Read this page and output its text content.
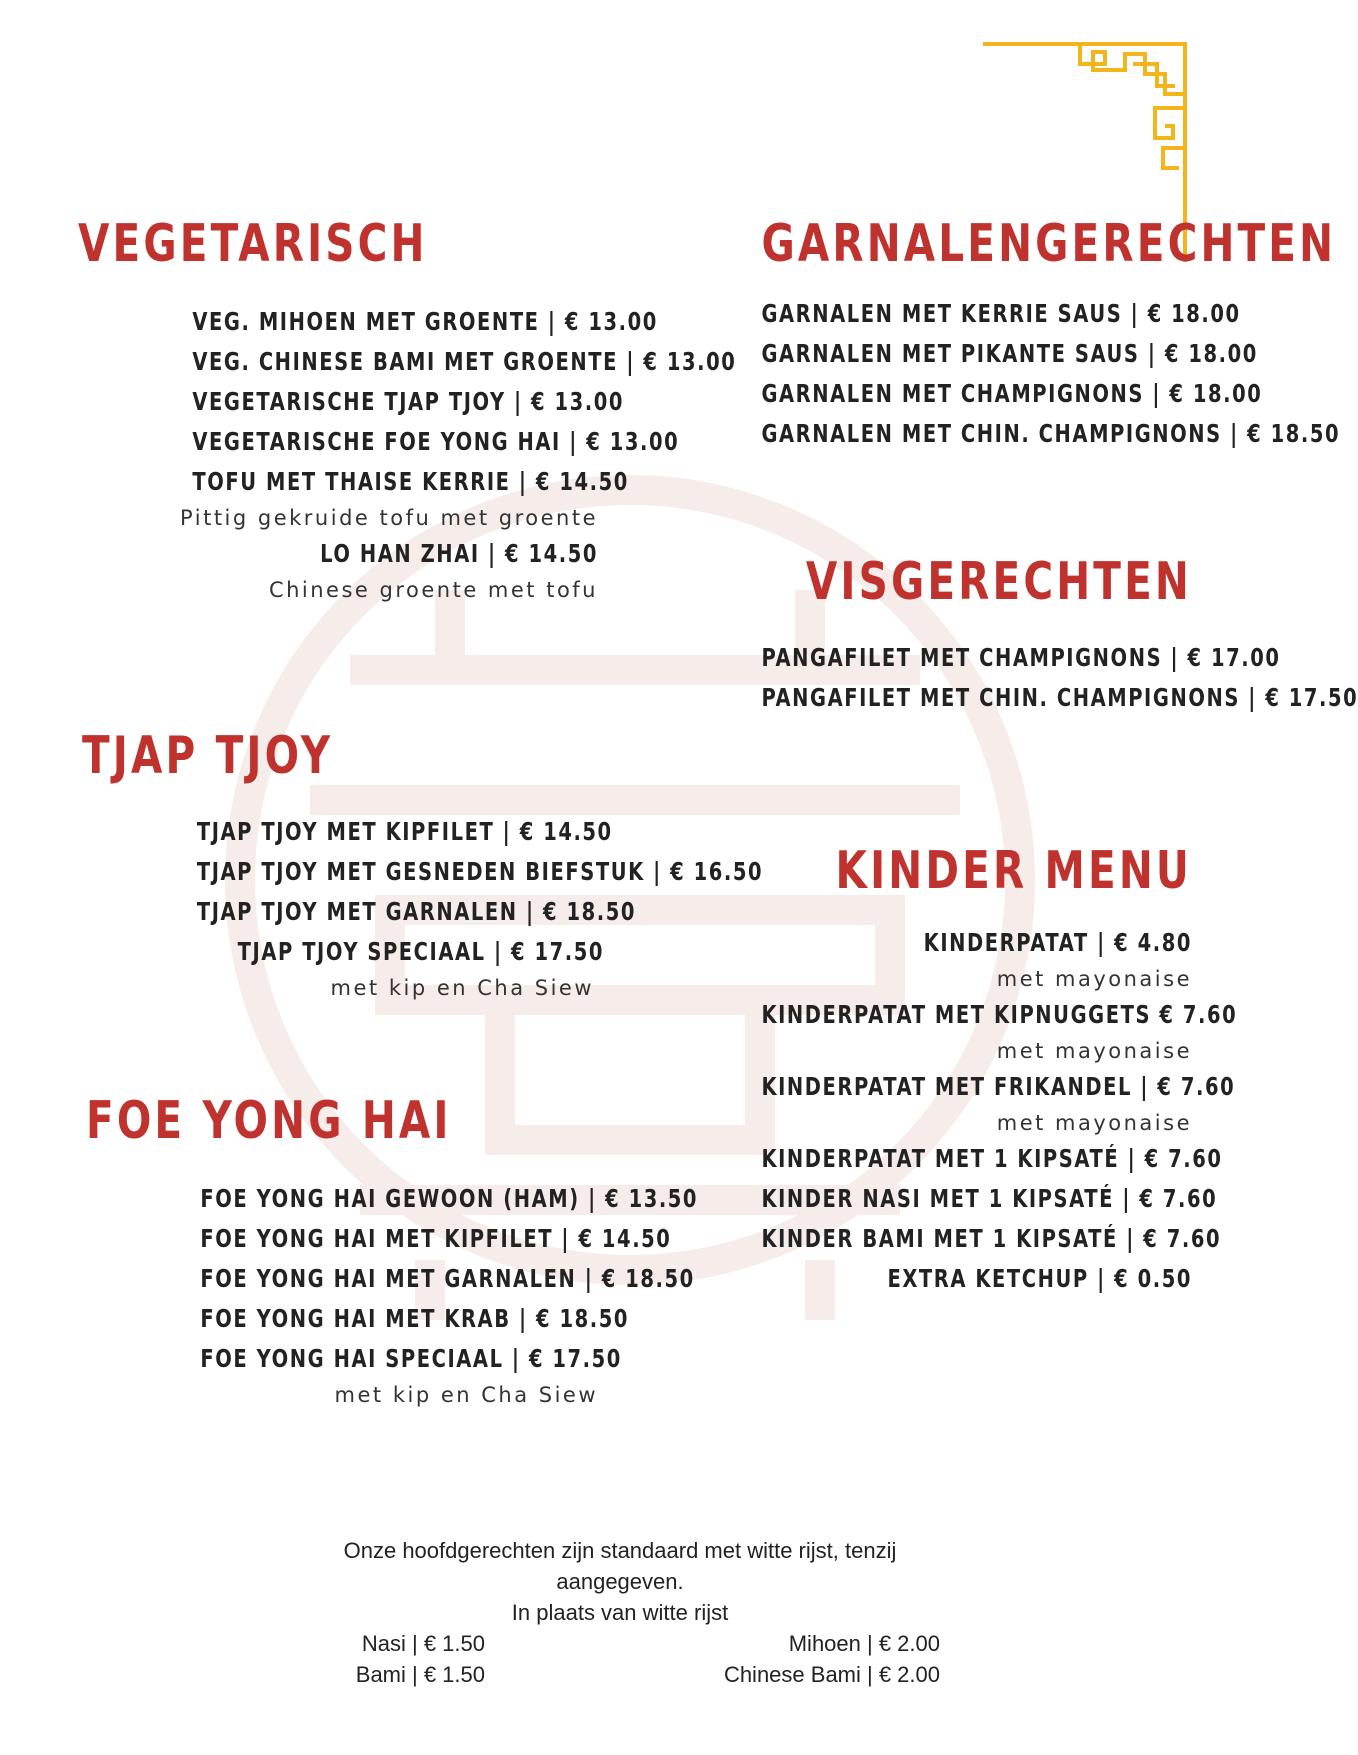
VEGETARISCH
VEG. MIHOEN MET GROENTE | € 13.00
VEG. CHINESE BAMI MET GROENTE | € 13.00
VEGETARISCHE TJAP TJOY | € 13.00
VEGETARISCHE FOE YONG HAI | € 13.00
TOFU MET THAISE KERRIE | € 14.50
Pittig gekruide tofu met groente
LO HAN ZHAI | € 14.50
Chinese groente met tofu
GARNALENGERECHTEN
GARNALEN MET KERRIE SAUS | € 18.00
GARNALEN MET PIKANTE SAUS | € 18.00
GARNALEN MET CHAMPIGNONS | € 18.00
GARNALEN MET CHIN. CHAMPIGNONS | € 18.50
VISGERECHTEN
PANGAFILET MET CHAMPIGNONS | € 17.00
PANGAFILET MET CHIN. CHAMPIGNONS | € 17.50
TJAP TJOY
TJAP TJOY MET KIPFILET | € 14.50
TJAP TJOY MET GESNEDEN BIEFSTUK | € 16.50
TJAP TJOY MET GARNALEN | € 18.50
TJAP TJOY SPECIAAL | € 17.50
met kip en Cha Siew
KINDER MENU
KINDERPATAT | € 4.80
met mayonaise
KINDERPATAT MET KIPNUGGETS € 7.60
met mayonaise
KINDERPATAT MET FRIKANDEL | € 7.60
met mayonaise
KINDERPATAT MET 1 KIPSATÉ | € 7.60
KINDER NASI MET 1 KIPSATÉ | € 7.60
KINDER BAMI MET 1 KIPSATÉ | € 7.60
EXTRA KETCHUP | € 0.50
FOE YONG HAI
FOE YONG HAI GEWOON (HAM) | € 13.50
FOE YONG HAI MET KIPFILET | € 14.50
FOE YONG HAI MET GARNALEN | € 18.50
FOE YONG HAI MET KRAB | € 18.50
FOE YONG HAI SPECIAAL | € 17.50
met kip en Cha Siew
Onze hoofdgerechten zijn standaard met witte rijst, tenzij
aangegeven.
In plaats van witte rijst
Nasi | € 1.50	Mihoen | € 2.00
Bami | € 1.50	Chinese Bami | € 2.00
